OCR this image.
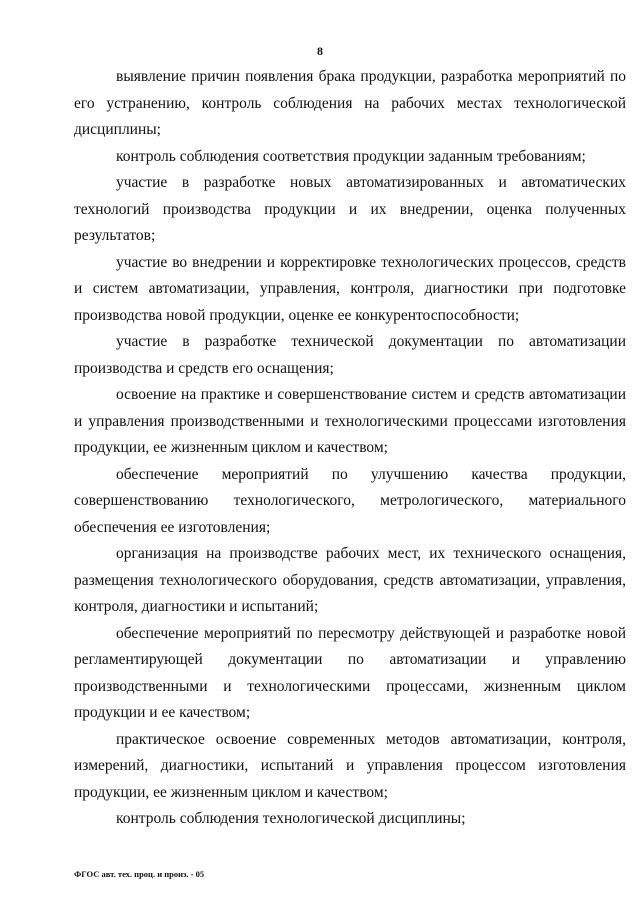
8

выявление причин появления брака продукции, разработка мероприятий по его устранению, контроль соблюдения на рабочих местах технологической дисциплины;

контроль соблюдения соответствия продукции заданным требованиям;

участие в разработке новых автоматизированных и автоматических технологий производства продукции и их внедрении, оценка полученных результатов;

участие во внедрении и корректировке технологических процессов, средств и систем автоматизации, управления, контроля, диагностики при подготовке производства новой продукции, оценке ее конкурентоспособности;

участие в разработке технической документации по автоматизации производства и средств его оснащения;

освоение на практике и совершенствование систем и средств автоматизации и управления производственными и технологическими процессами изготовления продукции, ее жизненным циклом и качеством;

обеспечение мероприятий по улучшению качества продукции, совершенствованию технологического, метрологического, материального обеспечения ее изготовления;

организация на производстве рабочих мест, их технического оснащения, размещения технологического оборудования, средств автоматизации, управления, контроля, диагностики и испытаний;

обеспечение мероприятий по пересмотру действующей и разработке новой регламентирующей документации по автоматизации и управлению производственными и технологическими процессами, жизненным циклом продукции и ее качеством;

практическое освоение современных методов автоматизации, контроля, измерений, диагностики, испытаний и управления процессом изготовления продукции, ее жизненным циклом и качеством;

контроль соблюдения технологической дисциплины;

ФГОС авт. тех. проц. и произ. - 05
